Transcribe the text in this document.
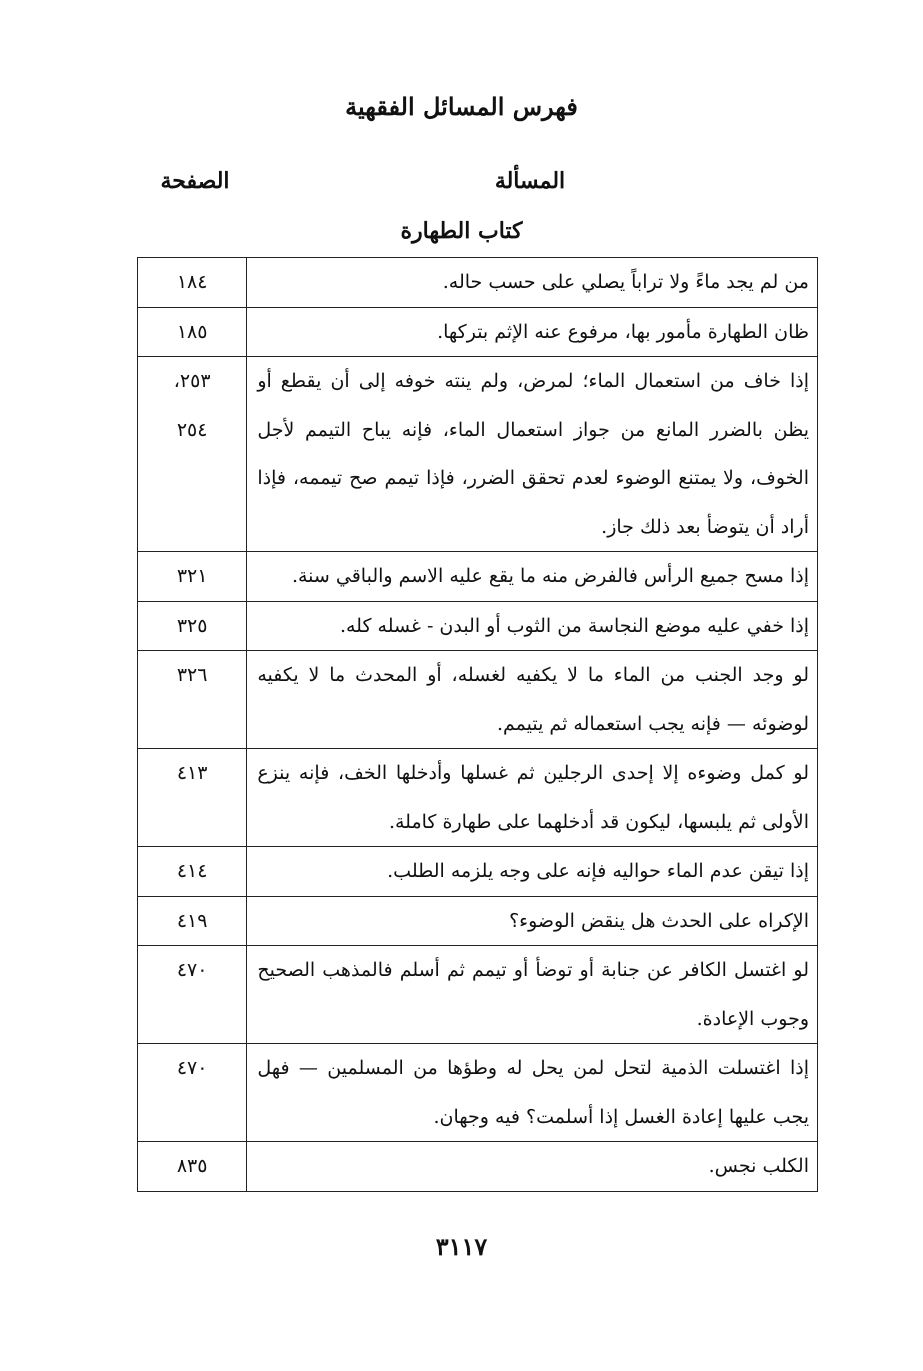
فهرس المسائل الفقهية
المسألة
الصفحة
كتاب الطهارة
من لم يجد ماءً ولا تراباً يصلي على حسب حاله.	١٨٤

ظان الطهارة مأمور بها، مرفوع عنه الإثم بتركها.	١٨٥

إذا خاف من استعمال الماء؛ لمرض، ولم ينته خوفه إلى أن يقطع أو يظن بالضرر المانع من جواز استعمال الماء، فإنه يباح التيمم لأجل الخوف، ولا يمتنع الوضوء لعدم تحقق الضرر، فإذا تيمم صح تيممه، فإذا أراد أن يتوضأ بعد ذلك جاز.	٢٥٣،
٢٥٤

إذا مسح جميع الرأس فالفرض منه ما يقع عليه الاسم والباقي سنة.	٣٢١

إذا خفي عليه موضع النجاسة من الثوب أو البدن - غسله كله.	٣٢٥

لو وجد الجنب من الماء ما لا يكفيه لغسله، أو المحدث ما لا يكفيه لوضوئه — فإنه يجب استعماله ثم يتيمم.	٣٢٦

لو كمل وضوءه إلا إحدى الرجلين ثم غسلها وأدخلها الخف، فإنه ينزع الأولى ثم يلبسها، ليكون قد أدخلهما على طهارة كاملة.	٤١٣

إذا تيقن عدم الماء حواليه فإنه على وجه يلزمه الطلب.	٤١٤

الإكراه على الحدث هل ينقض الوضوء؟	٤١٩

لو اغتسل الكافر عن جنابة أو توضأ أو تيمم ثم أسلم فالمذهب الصحيح وجوب الإعادة.	٤٧٠

إذا اغتسلت الذمية لتحل لمن يحل له وطؤها من المسلمين — فهل يجب عليها إعادة الغسل إذا أسلمت؟ فيه وجهان.	٤٧٠

الكلب نجس.	٨٣٥
٣١١٧
